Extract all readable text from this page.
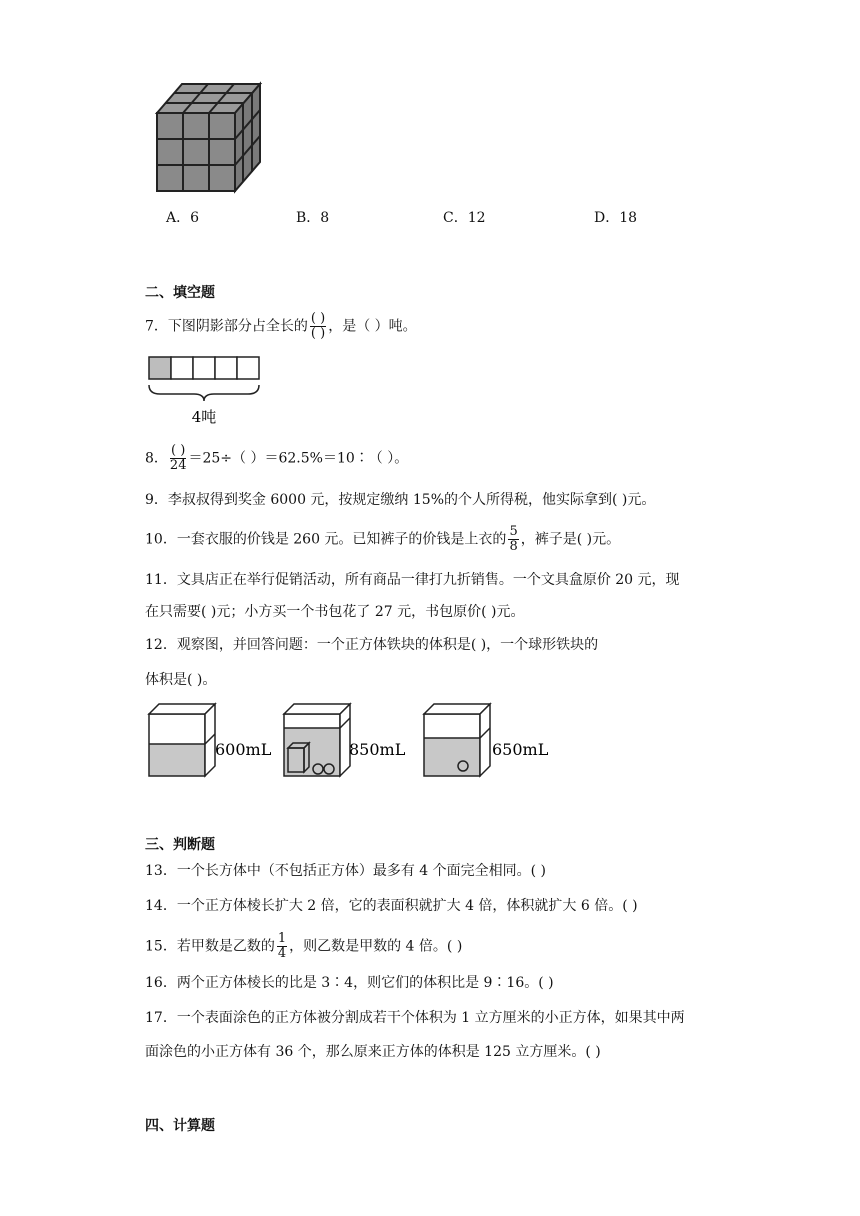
A．6	B．8	C．12	D．18
二、填空题
7．下图阴影部分占全长的 $\frac{( )}{( )}$ ，是（ ）吨。
4吨
8． $\frac{( )}{24} =25\div$（ ）＝62.5%＝10∶（ ）。
9．李叔叔得到奖金 6000 元，按规定缴纳 15%的个人所得税，他实际拿到( )元。
10．一套衣服的价钱是 260 元。已知裤子的价钱是上衣的 $\frac{5}{8}$ ，裤子是( )元。
11．文具店正在举行促销活动，所有商品一律打九折销售。一个文具盒原价 20 元，现
在只需要( )元；小方买一个书包花了 27 元，书包原价( )元。
12．观察图，并回答问题：一个正方体铁块的体积是( )，一个球形铁块的
体积是( )。
600mL	850mL	650mL
三、判断题
13．一个长方体中（不包括正方体）最多有 4 个面完全相同。( )
14．一个正方体棱长扩大 2 倍，它的表面积就扩大 4 倍，体积就扩大 6 倍。( )
15．若甲数是乙数的 $\frac{1}{4}$ ，则乙数是甲数的 4 倍。( )
16．两个正方体棱长的比是 3∶4，则它们的体积比是 9∶16。( )
17．一个表面涂色的正方体被分割成若干个体积为 1 立方厘米的小正方体，如果其中两
面涂色的小正方体有 36 个，那么原来正方体的体积是 125 立方厘米。( )
四、计算题
